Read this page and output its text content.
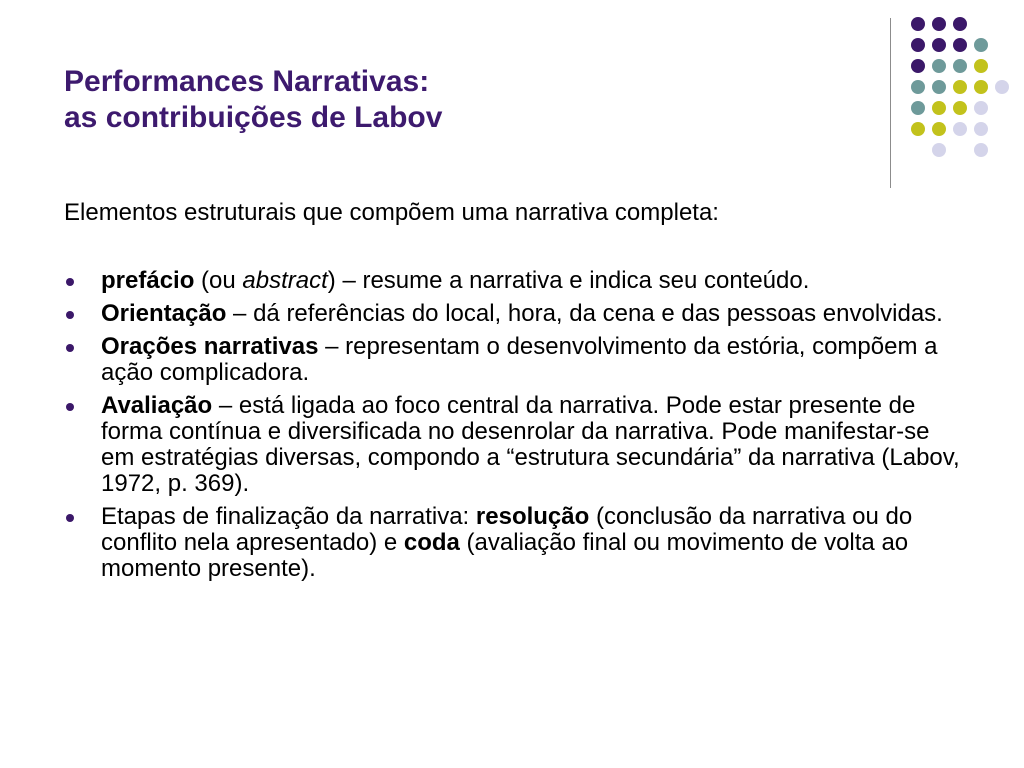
Performances Narrativas:
as contribuições de Labov

Elementos estruturais que compõem uma narrativa completa:

prefácio (ou abstract) – resume a narrativa e indica seu conteúdo.
Orientação – dá referências do local, hora, da cena e das pessoas envolvidas.
Orações narrativas – representam o desenvolvimento da estória, compõem a ação complicadora.
Avaliação – está ligada ao foco central da narrativa. Pode estar presente de forma contínua e diversificada no desenrolar da narrativa. Pode manifestar-se em estratégias diversas, compondo a “estrutura secundária” da narrativa (Labov, 1972, p. 369).
Etapas de finalização da narrativa: resolução (conclusão da narrativa ou do conflito nela apresentado) e coda (avaliação final ou movimento de volta ao momento presente).
